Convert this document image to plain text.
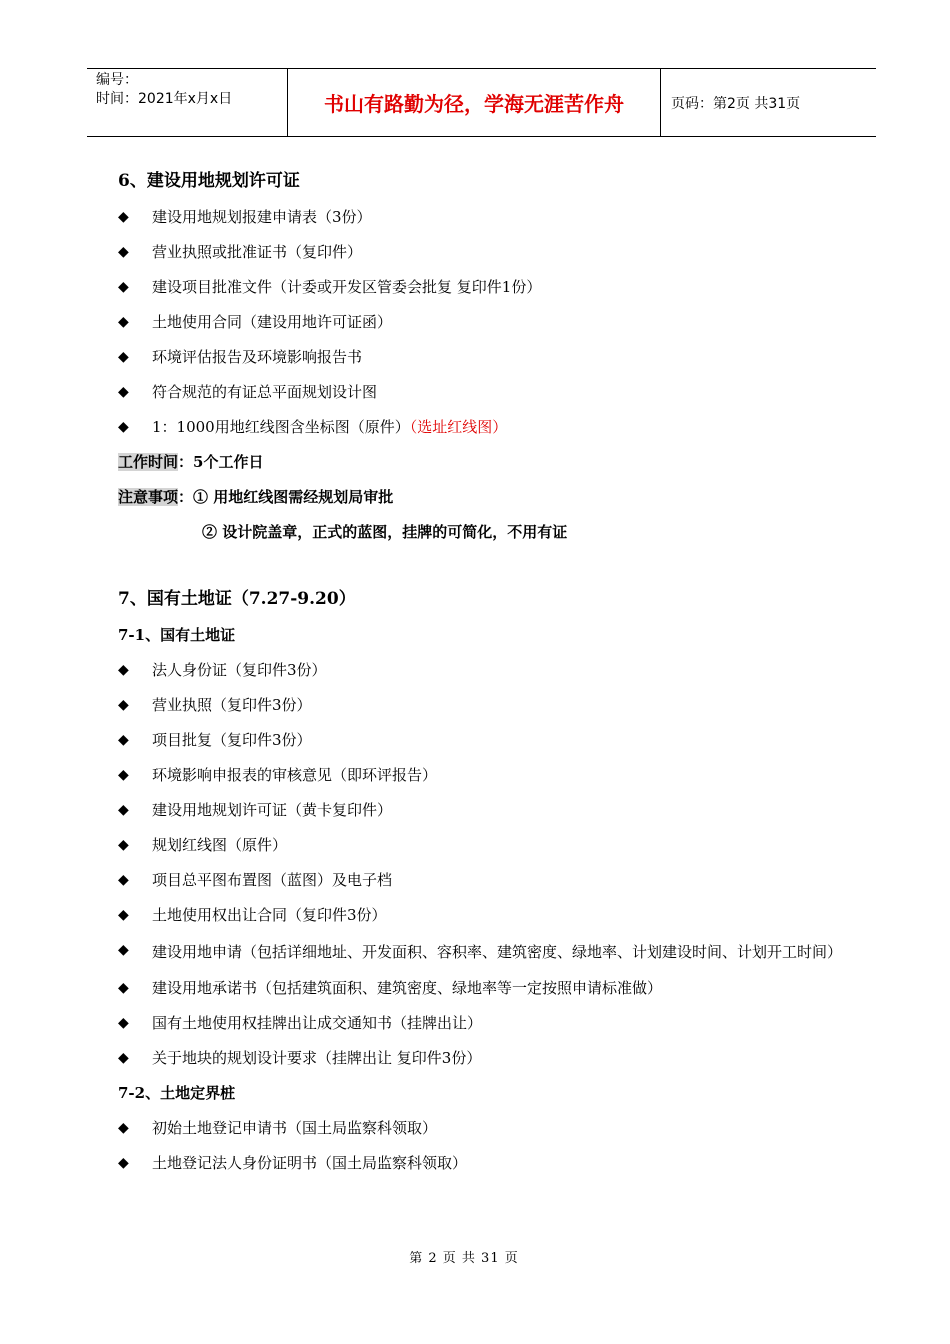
编号：
时间：2021年x月x日	书山有路勤为径，学海无涯苦作舟	页码：第2页 共31页
6、建设用地规划许可证
◆	建设用地规划报建申请表（3份）
◆	营业执照或批准证书（复印件）
◆	建设项目批准文件（计委或开发区管委会批复 复印件1份）
◆	土地使用合同（建设用地许可证函）
◆	环境评估报告及环境影响报告书
◆	符合规范的有证总平面规划设计图
◆	1：1000用地红线图含坐标图（原件）（选址红线图）
工作时间：5个工作日
注意事项：① 用地红线图需经规划局审批
② 设计院盖章，正式的蓝图，挂牌的可简化，不用有证
7、国有土地证（7.27-9.20）
7-1、国有土地证
◆	法人身份证（复印件3份）
◆	营业执照（复印件3份）
◆	项目批复（复印件3份）
◆	环境影响申报表的审核意见（即环评报告）
◆	建设用地规划许可证（黄卡复印件）
◆	规划红线图（原件）
◆	项目总平图布置图（蓝图）及电子档
◆	土地使用权出让合同（复印件3份）
◆	建设用地申请（包括详细地址、开发面积、容积率、建筑密度、绿地率、计划建设时间、计划开工时间）
◆	建设用地承诺书（包括建筑面积、建筑密度、绿地率等一定按照申请标准做）
◆	国有土地使用权挂牌出让成交通知书（挂牌出让）
◆	关于地块的规划设计要求（挂牌出让 复印件3份）
7-2、土地定界桩
◆	初始土地登记申请书（国土局监察科领取）
◆	土地登记法人身份证明书（国土局监察科领取）
第 2 页 共 31 页
